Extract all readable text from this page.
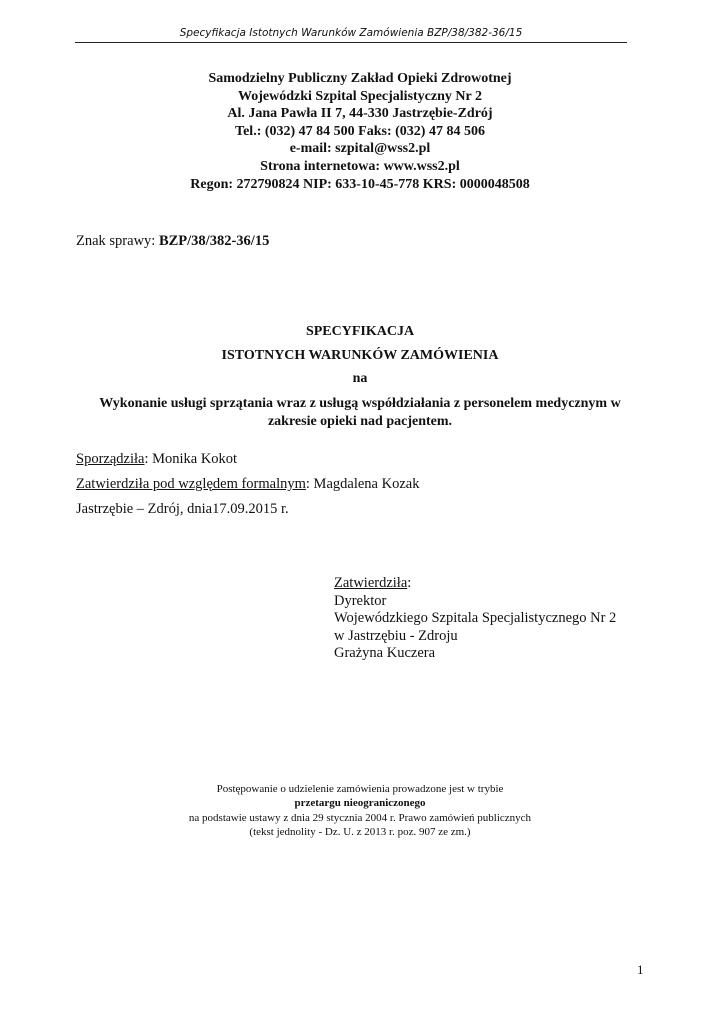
Specyfikacja Istotnych Warunków Zamówienia BZP/38/382-36/15
Samodzielny Publiczny Zakład Opieki Zdrowotnej
Wojewódzki Szpital Specjalistyczny Nr 2
Al. Jana Pawła II 7, 44-330 Jastrzębie-Zdrój
Tel.: (032) 47 84 500 Faks: (032) 47 84 506
e-mail: szpital@wss2.pl
Strona internetowa: www.wss2.pl
Regon: 272790824 NIP: 633-10-45-778 KRS: 0000048508
Znak sprawy: BZP/38/382-36/15
SPECYFIKACJA
ISTOTNYCH WARUNKÓW ZAMÓWIENIA
na
Wykonanie usługi sprzątania wraz z usługą współdziałania z personelem medycznym w zakresie opieki nad pacjentem.
Sporządziła: Monika Kokot
Zatwierdziła pod względem formalnym: Magdalena Kozak
Jastrzębie – Zdrój, dnia17.09.2015 r.
Zatwierdziła:
Dyrektor
Wojewódzkiego Szpitala Specjalistycznego Nr 2
w Jastrzębiu - Zdroju
Grażyna Kuczera
Postępowanie o udzielenie zamówienia prowadzone jest w trybie
przetargu nieograniczonego
na podstawie ustawy z dnia 29 stycznia 2004 r. Prawo zamówień publicznych
(tekst jednolity - Dz. U. z 2013 r. poz. 907 ze zm.)
1
